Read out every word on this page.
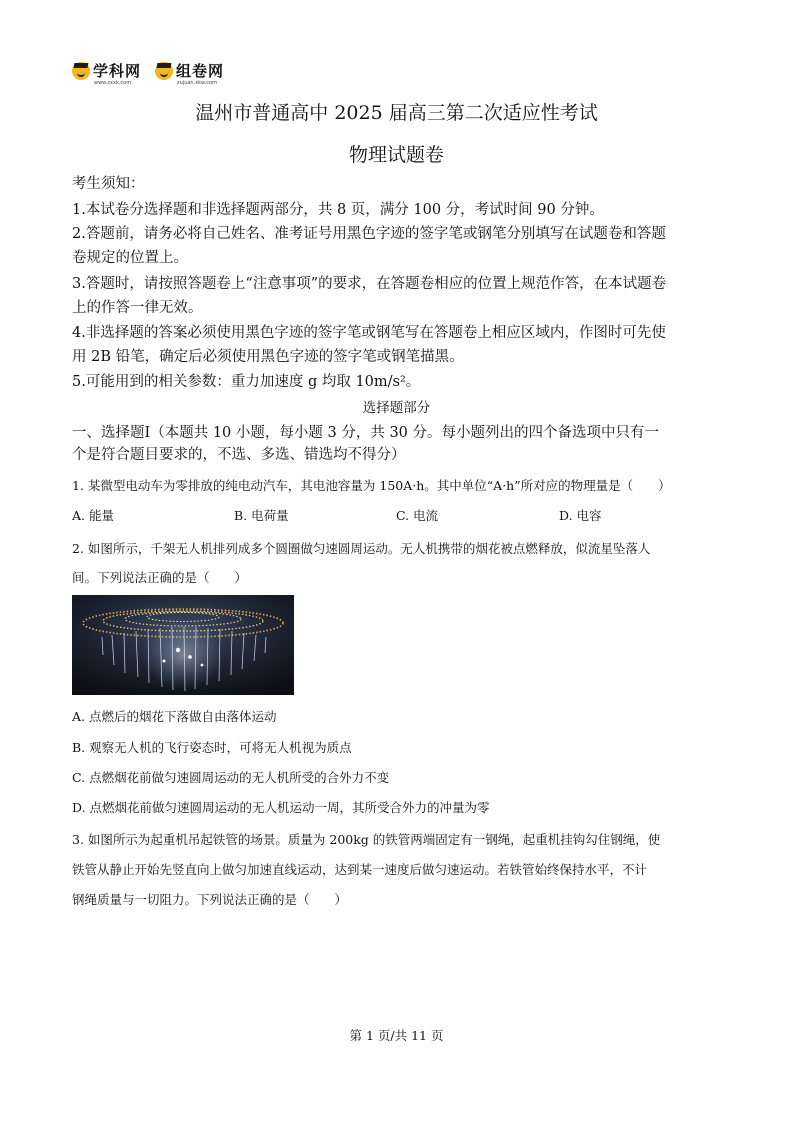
学科网
www.zxxk.com
组卷网
zujuan.xkw.com
温州市普通高中 2025 届高三第二次适应性考试
物理试题卷
考生须知：
1.本试卷分选择题和非选择题两部分，共 8 页，满分 100 分，考试时间 90 分钟。
2.答题前，请务必将自己姓名、准考证号用黑色字迹的签字笔或钢笔分别填写在试题卷和答题
卷规定的位置上。
3.答题时，请按照答题卷上“注意事项”的要求，在答题卷相应的位置上规范作答，在本试题卷
上的作答一律无效。
4.非选择题的答案必须使用黑色字迹的签字笔或钢笔写在答题卷上相应区域内，作图时可先使
用 2B 铅笔，确定后必须使用黑色字迹的签字笔或钢笔描黑。
5.可能用到的相关参数：重力加速度 g 均取 10m/s²。
选择题部分
一、选择题Ⅰ（本题共 10 小题，每小题 3 分，共 30 分。每小题列出的四个备选项中只有一
个是符合题目要求的，不选、多选、错选均不得分）
1. 某微型电动车为零排放的纯电动汽车，其电池容量为 150A·h。其中单位“A·h”所对应的物理量是（　　）
A. 能量	B. 电荷量	C. 电流	D. 电容
2. 如图所示，千架无人机排列成多个圆圈做匀速圆周运动。无人机携带的烟花被点燃释放，似流星坠落人
间。下列说法正确的是（　　）
A. 点燃后的烟花下落做自由落体运动
B. 观察无人机的飞行姿态时，可将无人机视为质点
C. 点燃烟花前做匀速圆周运动的无人机所受的合外力不变
D. 点燃烟花前做匀速圆周运动的无人机运动一周，其所受合外力的冲量为零
3. 如图所示为起重机吊起铁管的场景。质量为 200kg 的铁管两端固定有一钢绳，起重机挂钩勾住钢绳，使
铁管从静止开始先竖直向上做匀加速直线运动，达到某一速度后做匀速运动。若铁管始终保持水平，不计
钢绳质量与一切阻力。下列说法正确的是（　　）
第 1 页/共 11 页
